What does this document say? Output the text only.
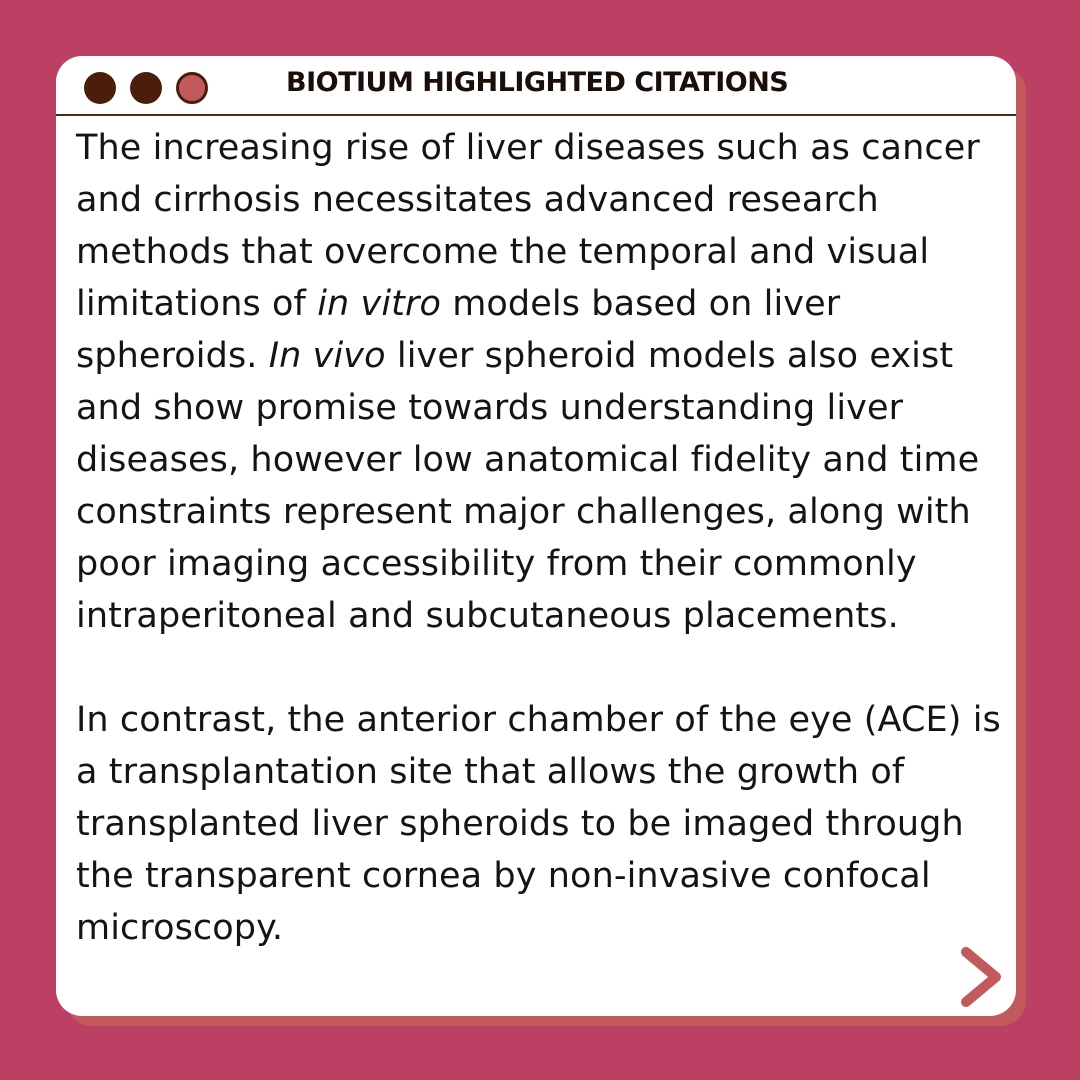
BIOTIUM HIGHLIGHTED CITATIONS

The increasing rise of liver diseases such as cancer and cirrhosis necessitates advanced research methods that overcome the temporal and visual limitations of in vitro models based on liver spheroids. In vivo liver spheroid models also exist and show promise towards understanding liver diseases, however low anatomical fidelity and time constraints represent major challenges, along with poor imaging accessibility from their commonly intraperitoneal and subcutaneous placements.

In contrast, the anterior chamber of the eye (ACE) is a transplantation site that allows the growth of transplanted liver spheroids to be imaged through the transparent cornea by non-invasive confocal microscopy.
